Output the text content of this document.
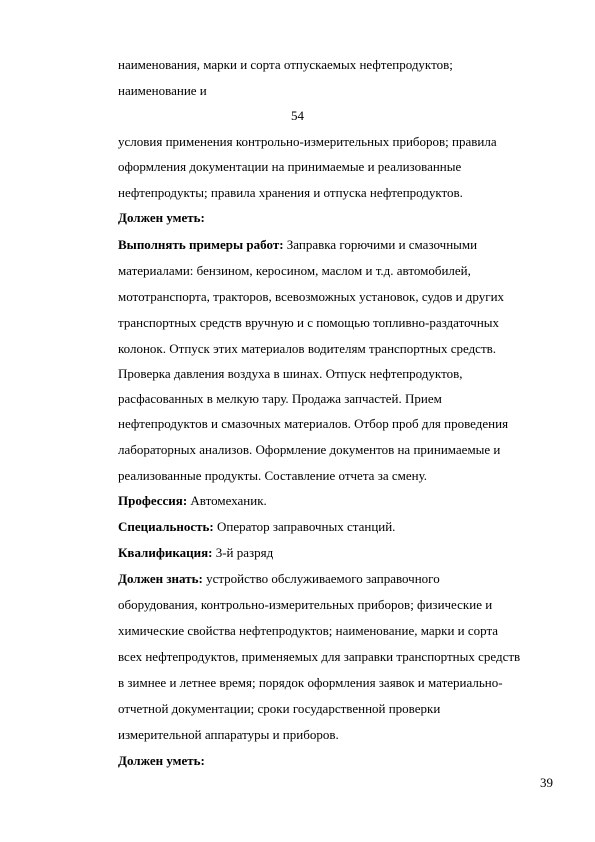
наименования, марки и сорта отпускаемых нефтепродуктов;
наименование и
54
условия применения контрольно-измерительных приборов; правила
оформления документации на принимаемые и реализованные
нефтепродукты; правила хранения и отпуска нефтепродуктов.
Должен уметь:
Выполнять примеры работ: Заправка горючими и смазочными
материалами: бензином, керосином, маслом и т.д. автомобилей,
мототранспорта, тракторов, всевозможных установок, судов и других
транспортных средств вручную и с помощью топливно-раздаточных
колонок. Отпуск этих материалов водителям транспортных средств.
Проверка давления воздуха в шинах. Отпуск нефтепродуктов,
расфасованных в мелкую тару. Продажа запчастей. Прием
нефтепродуктов и смазочных материалов. Отбор проб для проведения
лабораторных анализов. Оформление документов на принимаемые и
реализованные продукты. Составление отчета за смену.
Профессия: Автомеханик.
Специальность: Оператор заправочных станций.
Квалификация: 3-й разряд
Должен знать: устройство обслуживаемого заправочного
оборудования, контрольно-измерительных приборов; физические и
химические свойства нефтепродуктов; наименование, марки и сорта
всех нефтепродуктов, применяемых для заправки транспортных средств
в зимнее и летнее время; порядок оформления заявок и материально-
отчетной документации; сроки государственной проверки
измерительной аппаратуры и приборов.
Должен уметь:
39
